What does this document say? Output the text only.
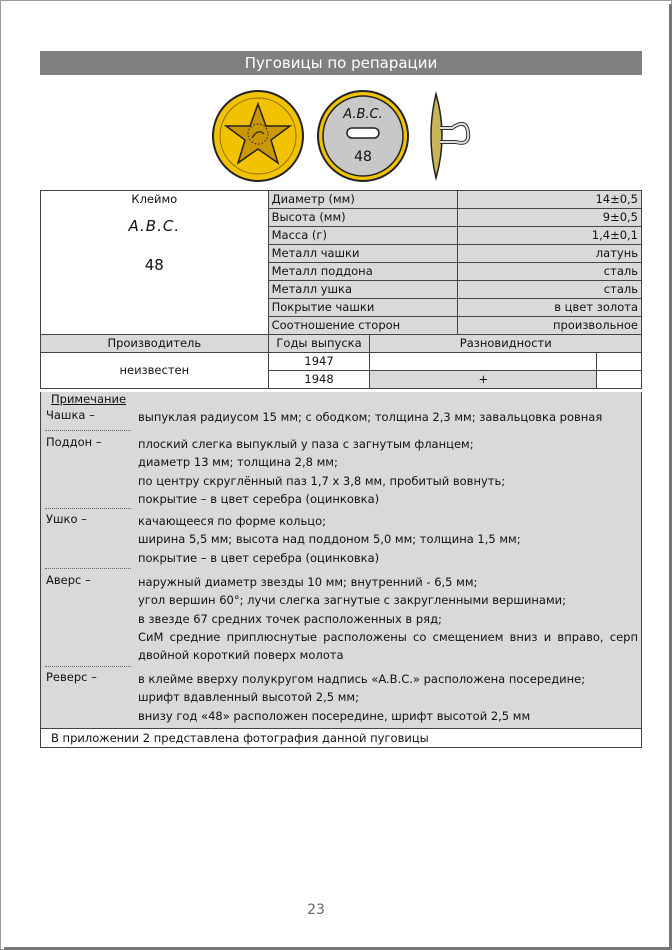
Пуговицы по репарации
A.B.C.
48
Клеймо
A.B.C.
48	Диаметр (мм)		14±0,5	
	Высота (мм)		9±0,5	
	Масса (г)		1,4±0,1	
	Металл чашки		латунь	
	Металл поддона		сталь	
	Металл ушка		сталь	
	Покрытие чашки		в цвет золота	
	Соотношение сторон		произвольное	
Производитель	Годы выпуска	Разновидности		
неизвестен	1947			
	1948	+		
Примечание
Чашка –	выпуклая радиусом 15 мм; с ободком; толщина 2,3 мм; завальцовка ровная
Поддон –	плоский слегка выпуклый у паза с загнутым фланцем;
диаметр 13 мм; толщина 2,8 мм;
по центру скруглённый паз 1,7 х 3,8 мм, пробитый вовнуть;
покрытие – в цвет серебра (оцинковка)
Ушко –	качающееся по форме кольцо;
ширина 5,5 мм; высота над поддоном 5,0 мм; толщина 1,5 мм;
покрытие – в цвет серебра (оцинковка)
Аверс –	наружный диаметр звезды 10 мм; внутренний - 6,5 мм;
угол вершин 60°; лучи слегка загнутые с закругленными вершинами;
в звезде 67 средних точек расположенных в ряд;
СиМ средние приплюснутые расположены со смещением вниз и вправо, серп двойной короткий поверх молота
Реверс –	в клейме вверху полукругом надпись «A.B.C.» расположена посередине;
шрифт вдавленный высотой 2,5 мм;
внизу год «48» расположен посередине, шрифт высотой 2,5 мм
В приложении 2 представлена фотография данной пуговицы
23
